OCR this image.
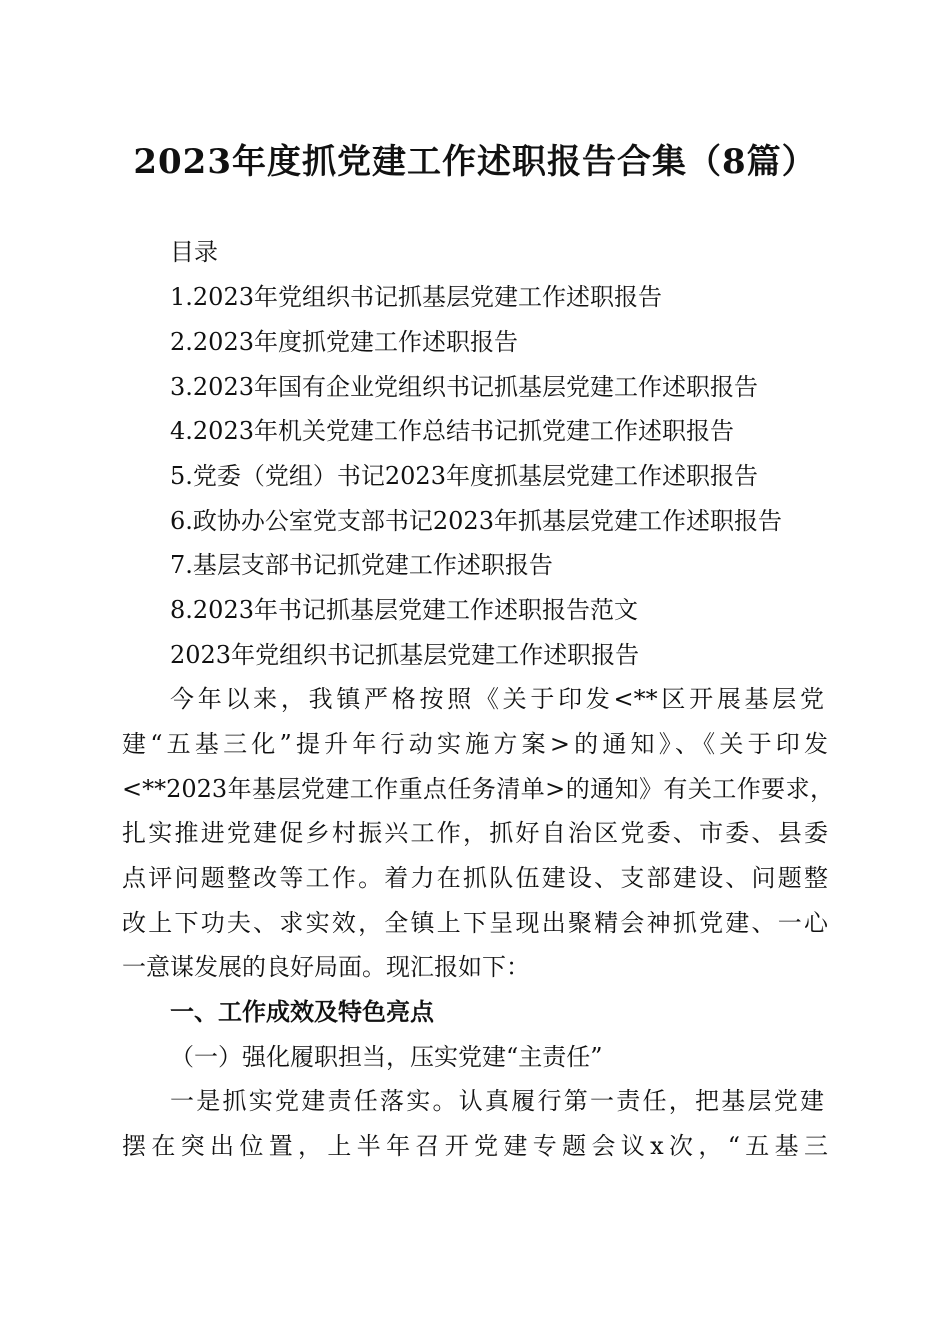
2023年度抓党建工作述职报告合集（8篇）
目录
1.2023年党组织书记抓基层党建工作述职报告
2.2023年度抓党建工作述职报告
3.2023年国有企业党组织书记抓基层党建工作述职报告
4.2023年机关党建工作总结书记抓党建工作述职报告
5.党委（党组）书记2023年度抓基层党建工作述职报告
6.政协办公室党支部书记2023年抓基层党建工作述职报告
7.基层支部书记抓党建工作述职报告
8.2023年书记抓基层党建工作述职报告范文
2023年党组织书记抓基层党建工作述职报告
今年以来，我镇严格按照《关于印发<**区开展基层党
建“五基三化”提升年行动实施方案>的通知》、《关于印发
<**2023年基层党建工作重点任务清单>的通知》有关工作要求，
扎实推进党建促乡村振兴工作，抓好自治区党委、市委、县委
点评问题整改等工作。着力在抓队伍建设、支部建设、问题整
改上下功夫、求实效，全镇上下呈现出聚精会神抓党建、一心
一意谋发展的良好局面。现汇报如下：
一、工作成效及特色亮点
（一）强化履职担当，压实党建“主责任”
一是抓实党建责任落实。认真履行第一责任，把基层党建
摆在突出位置，上半年召开党建专题会议x次，“五基三
